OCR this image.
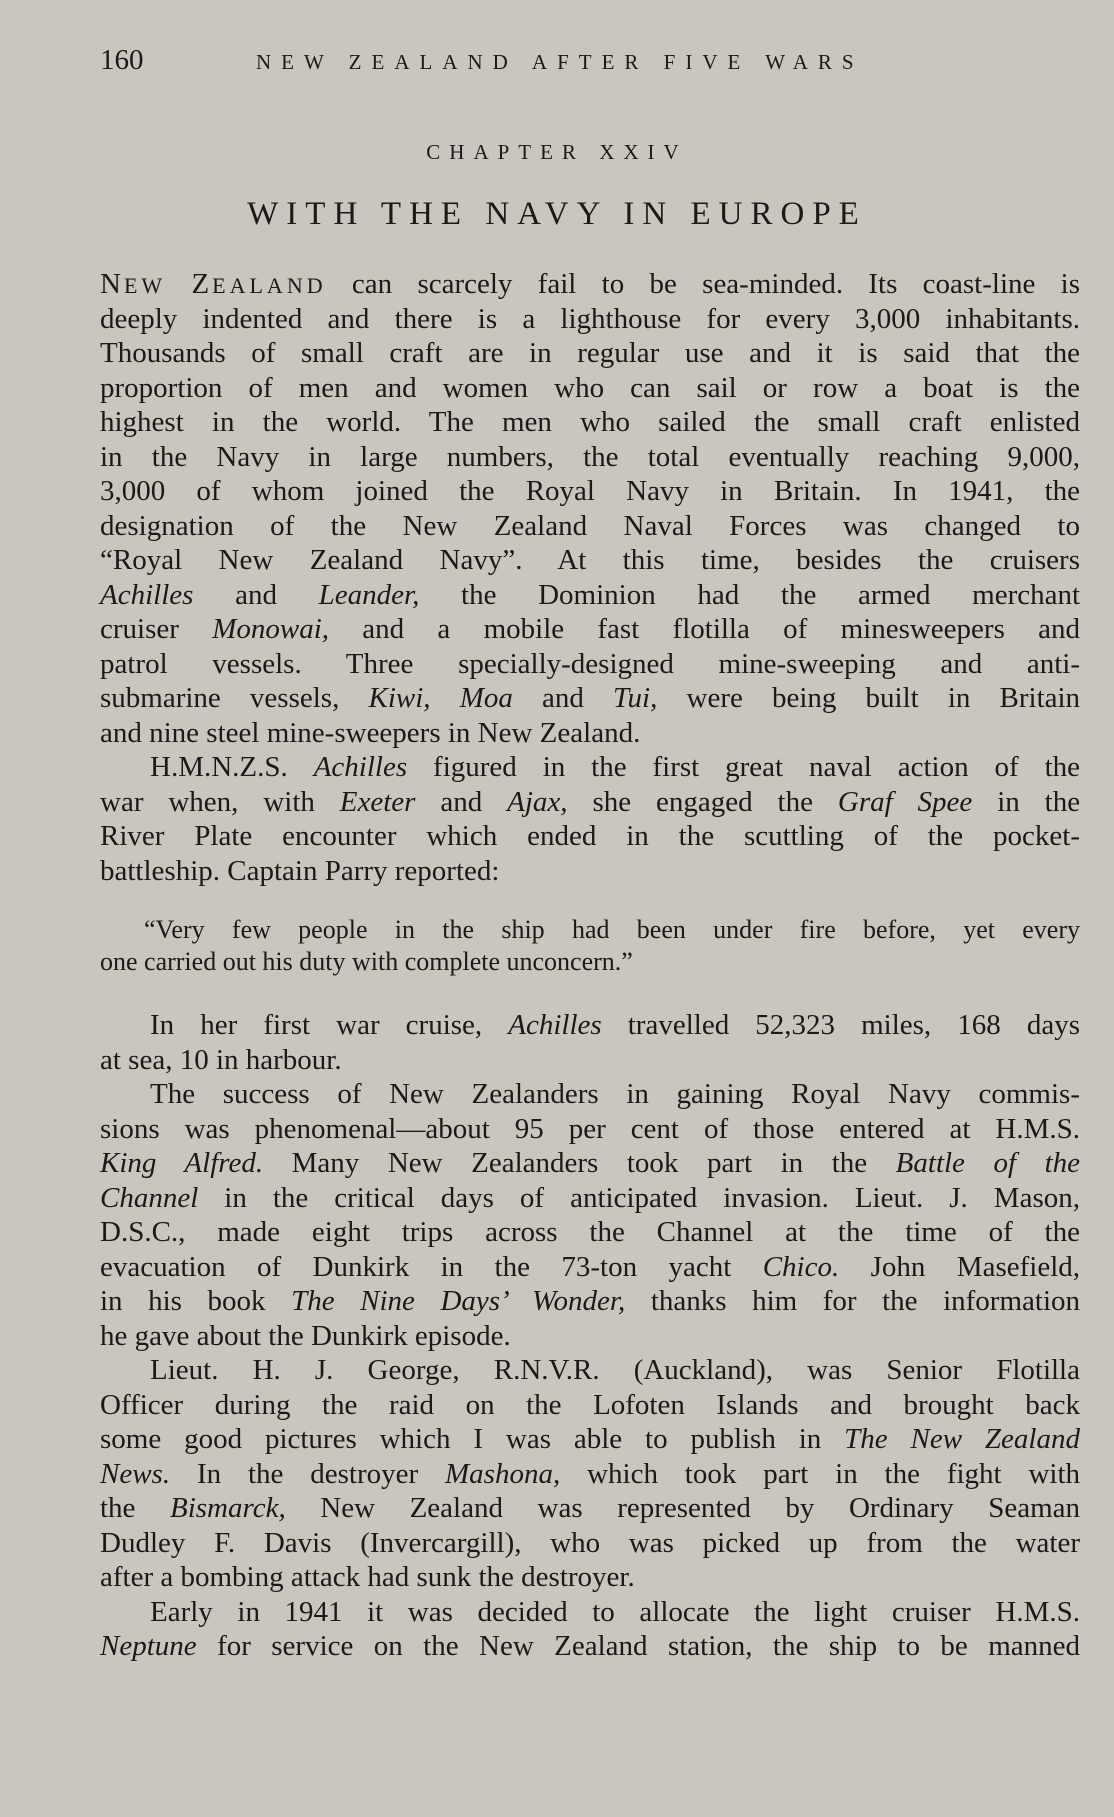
160	NEW ZEALAND AFTER FIVE WARS
CHAPTER XXIV
WITH THE NAVY IN EUROPE
NEW ZEALAND can scarcely fail to be sea-minded. Its coast-line is
deeply indented and there is a lighthouse for every 3,000 inhabitants.
Thousands of small craft are in regular use and it is said that the
proportion of men and women who can sail or row a boat is the
highest in the world. The men who sailed the small craft enlisted
in the Navy in large numbers, the total eventually reaching 9,000,
3,000 of whom joined the Royal Navy in Britain. In 1941, the
designation of the New Zealand Naval Forces was changed to
“Royal New Zealand Navy”. At this time, besides the cruisers
Achilles and Leander, the Dominion had the armed merchant
cruiser Monowai, and a mobile fast flotilla of minesweepers and
patrol vessels. Three specially-designed mine-sweeping and anti-
submarine vessels, Kiwi, Moa and Tui, were being built in Britain
and nine steel mine-sweepers in New Zealand.
H.M.N.Z.S. Achilles figured in the first great naval action of the
war when, with Exeter and Ajax, she engaged the Graf Spee in the
River Plate encounter which ended in the scuttling of the pocket-
battleship. Captain Parry reported:
“Very few people in the ship had been under fire before, yet every
one carried out his duty with complete unconcern.”
In her first war cruise, Achilles travelled 52,323 miles, 168 days
at sea, 10 in harbour.
The success of New Zealanders in gaining Royal Navy commis-
sions was phenomenal—about 95 per cent of those entered at H.M.S.
King Alfred. Many New Zealanders took part in the Battle of the
Channel in the critical days of anticipated invasion. Lieut. J. Mason,
D.S.C., made eight trips across the Channel at the time of the
evacuation of Dunkirk in the 73-ton yacht Chico. John Masefield,
in his book The Nine Days’ Wonder, thanks him for the information
he gave about the Dunkirk episode.
Lieut. H. J. George, R.N.V.R. (Auckland), was Senior Flotilla
Officer during the raid on the Lofoten Islands and brought back
some good pictures which I was able to publish in The New Zealand
News. In the destroyer Mashona, which took part in the fight with
the Bismarck, New Zealand was represented by Ordinary Seaman
Dudley F. Davis (Invercargill), who was picked up from the water
after a bombing attack had sunk the destroyer.
Early in 1941 it was decided to allocate the light cruiser H.M.S.
Neptune for service on the New Zealand station, the ship to be manned
